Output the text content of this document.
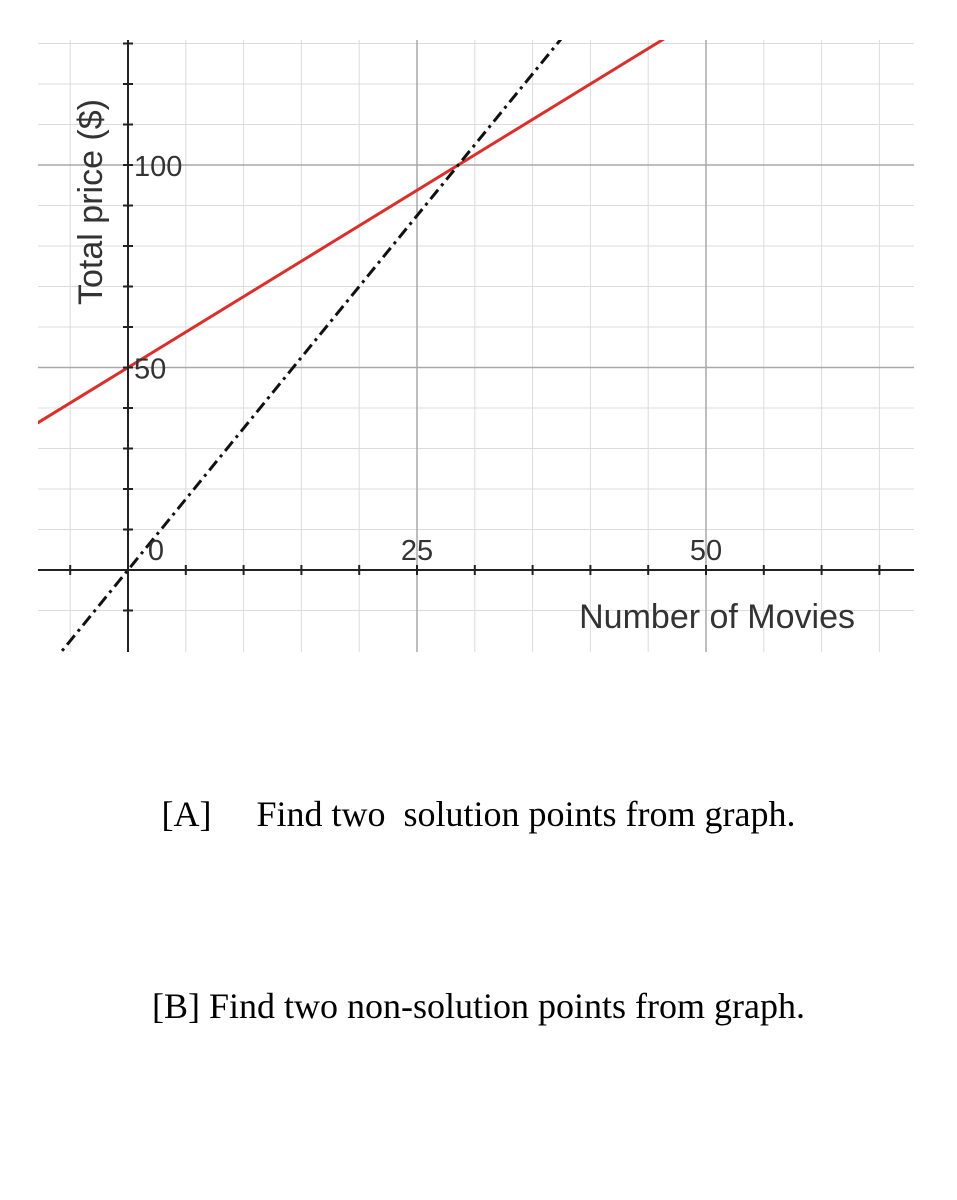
0	25	50
50
100
Number of Movies
Total price ($)

[A]     Find two  solution points from graph.

[B] Find two non-solution points from graph.
